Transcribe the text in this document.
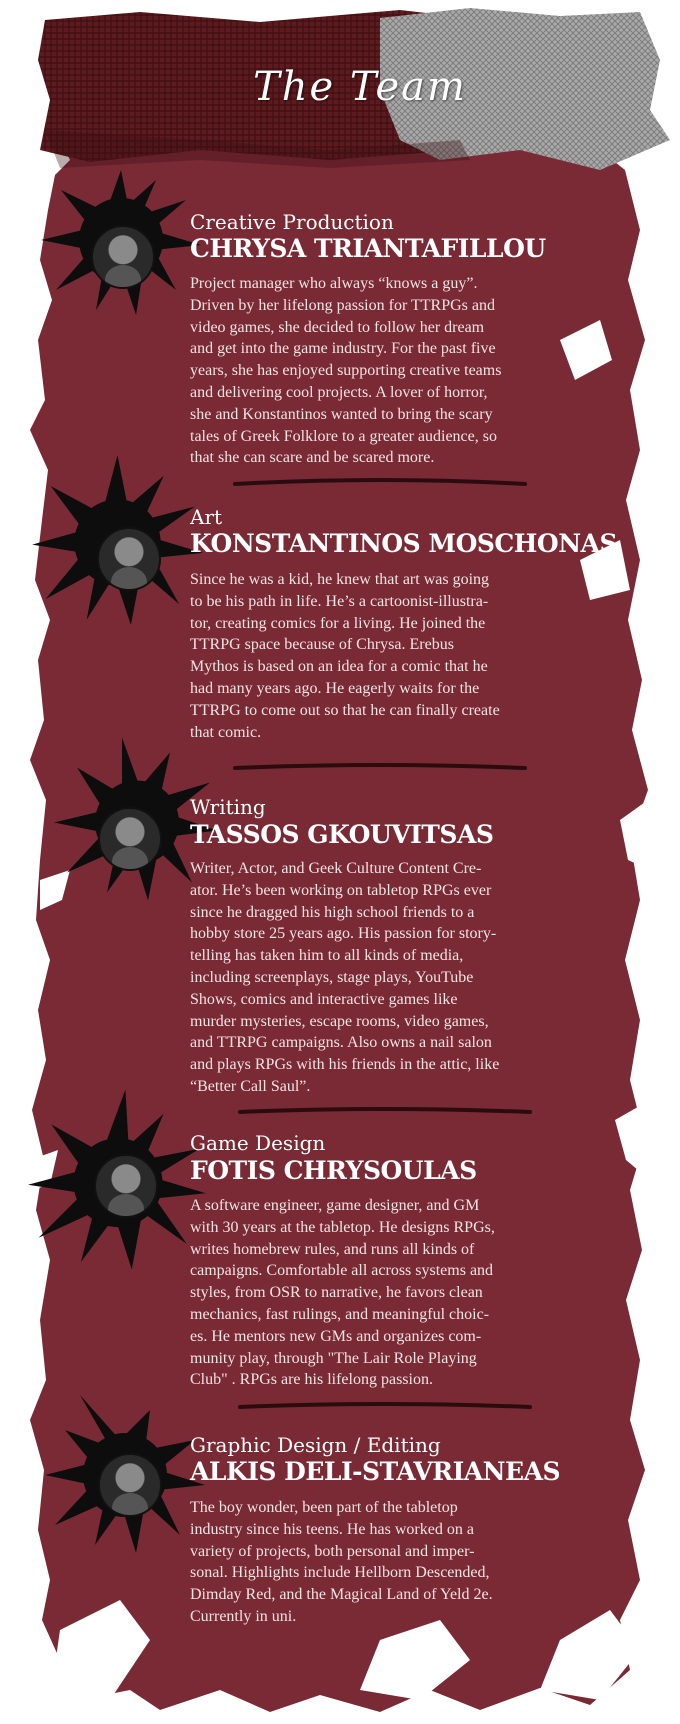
The Team
Creative Production
CHRYSA TRIANTAFILLOU
Project manager who always “knows a guy”.
Driven by her lifelong passion for TTRPGs and
video games, she decided to follow her dream
and get into the game industry. For the past five
years, she has enjoyed supporting creative teams
and delivering cool projects. A lover of horror,
she and Konstantinos wanted to bring the scary
tales of Greek Folklore to a greater audience, so
that she can scare and be scared more.
Art
KONSTANTINOS MOSCHONAS
Since he was a kid, he knew that art was going
to be his path in life. He’s a cartoonist-illustra-
tor, creating comics for a living. He joined the
TTRPG space because of Chrysa. Erebus
Mythos is based on an idea for a comic that he
had many years ago. He eagerly waits for the
TTRPG to come out so that he can finally create
that comic.
Writing
TASSOS GKOUVITSAS
Writer, Actor, and Geek Culture Content Cre-
ator. He’s been working on tabletop RPGs ever
since he dragged his high school friends to a
hobby store 25 years ago. His passion for story-
telling has taken him to all kinds of media,
including screenplays, stage plays, YouTube
Shows, comics and interactive games like
murder mysteries, escape rooms, video games,
and TTRPG campaigns. Also owns a nail salon
and plays RPGs with his friends in the attic, like
“Better Call Saul”.
Game Design
FOTIS CHRYSOULAS
A software engineer, game designer, and GM
with 30 years at the tabletop. He designs RPGs,
writes homebrew rules, and runs all kinds of
campaigns. Comfortable all across systems and
styles, from OSR to narrative, he favors clean
mechanics, fast rulings, and meaningful choic-
es. He mentors new GMs and organizes com-
munity play, through "The Lair Role Playing
Club" . RPGs are his lifelong passion.
Graphic Design / Editing
ALKIS DELI-STAVRIANEAS
The boy wonder, been part of the tabletop
industry since his teens. He has worked on a
variety of projects, both personal and imper-
sonal. Highlights include Hellborn Descended,
Dimday Red, and the Magical Land of Yeld 2e.
Currently in uni.
